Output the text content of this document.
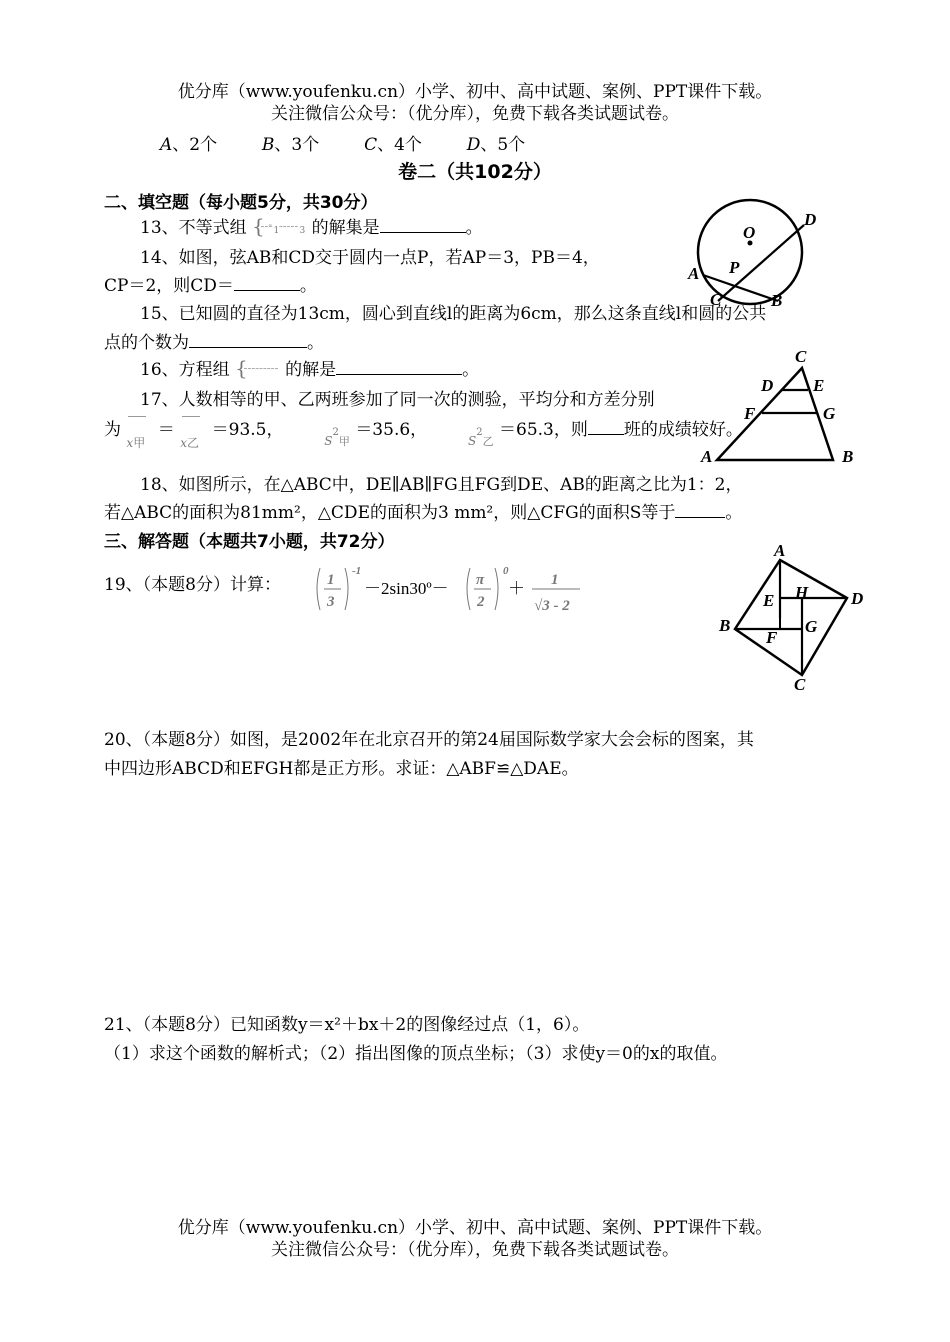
优分库（www.youfenku.cn）小学、初中、高中试题、案例、PPT课件下载。
关注微信公众号：（优分库），免费下载各类试题试卷。
A、2个	B、3个	C、4个	D、5个
卷二（共102分）
二、填空题（每小题5分，共30分）
13、不等式组 {̃ ̃ ̃̃1 ̃ ̃ ̃ ̃ ̃3 的解集是	。
14、如图，弦AB和CD交于圆内一点P，若AP＝3，PB＝4，
CP＝2，则CD＝	。
15、已知圆的直径为13cm，圆心到直线l的距离为6cm，那么这条直线l和圆的公共
点的个数为	。
16、方程组 {̃ ̃ ̃ ̃ ̃ ̃ ̃ ̃ ̃ 的解是	。
17、人数相等的甲、乙两班参加了同一次的测验，平均分和方差分别
为
$_{x甲}$ ＝
$_{x乙}$ ＝93.5，  $_{S^2甲}$ ＝35.6，  $_{S^2乙}$ ＝65.3，则 班的成绩较好。
18、如图所示，在△ABC中，DE∥AB∥FG且FG到DE、AB的距离之比为1：2，
若△ABC的面积为81mm²，△CDE的面积为3 mm²，则△CFG的面积S等于	。
三、解答题（本题共7小题，共72分）
19、（本题8分）计算：	1
3
-1
π
2
0
1
√3 - 2
－2sin30º－	＋
20、（本题8分）如图，是2002年在北京召开的第24届国际数学家大会会标的图案，其
中四边形ABCD和EFGH都是正方形。求证：△ABF≌△DAE。
21、（本题8分）已知函数y＝x²＋bx＋2的图像经过点（1，6）。
（1）求这个函数的解析式；（2）指出图像的顶点坐标；（3）求使y＝0的x的取值。
O
D
A P
C	B
C
D E
F	G
A	B
A
H	D
E
B	G
F
C
优分库（www.youfenku.cn）小学、初中、高中试题、案例、PPT课件下载。
关注微信公众号：（优分库），免费下载各类试题试卷。
